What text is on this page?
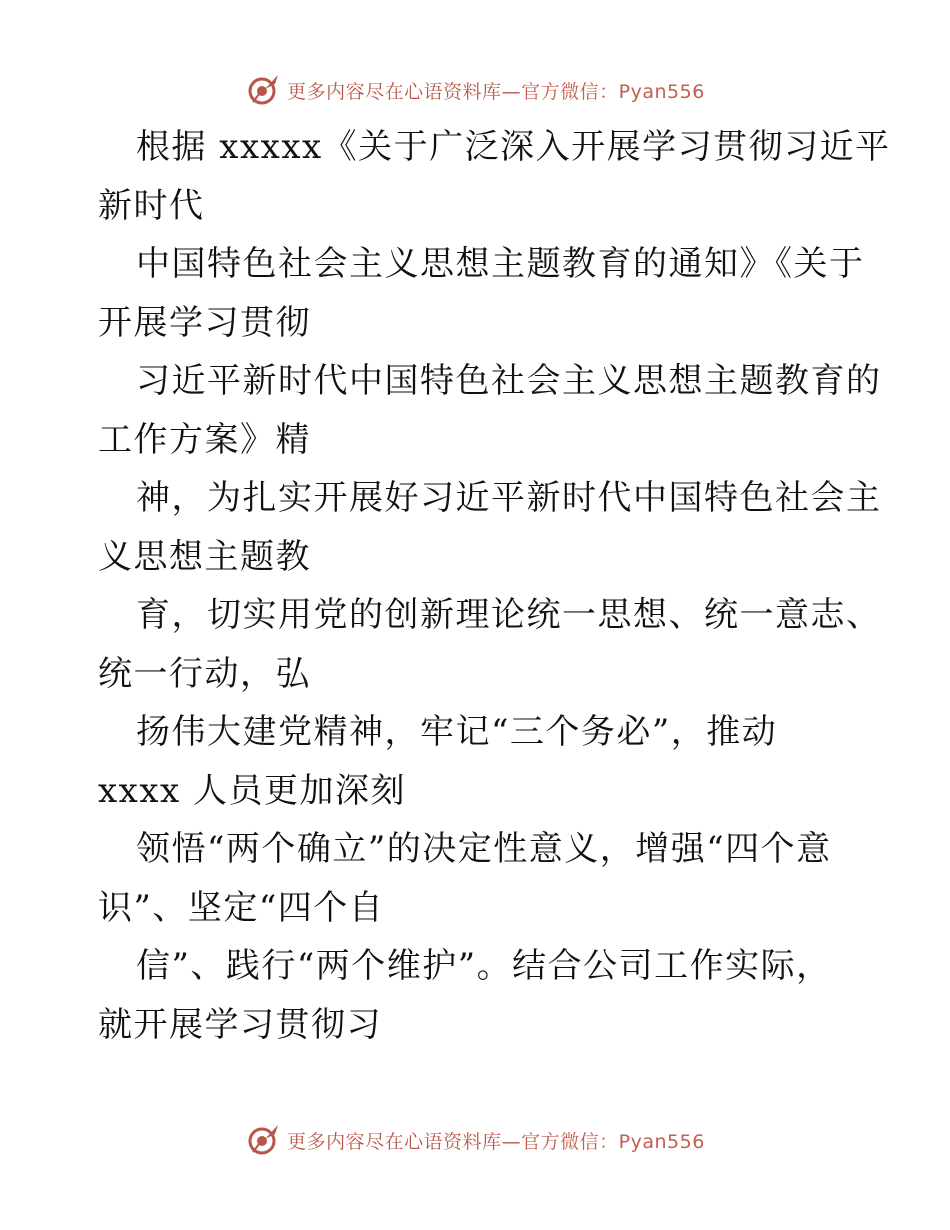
更多内容尽在心语资料库—官方微信：Pyan556
根据 xxxxx《关于广泛深入开展学习贯彻习近平
新时代
中国特色社会主义思想主题教育的通知》《关于
开展学习贯彻
习近平新时代中国特色社会主义思想主题教育的
工作方案》精
神，为扎实开展好习近平新时代中国特色社会主
义思想主题教
育，切实用党的创新理论统一思想、统一意志、
统一行动，弘
扬伟大建党精神，牢记“三个务必”，推动
xxxx 人员更加深刻
领悟“两个确立”的决定性意义，增强“四个意
识”、坚定“四个自
信”、践行“两个维护”。结合公司工作实际，
就开展学习贯彻习
更多内容尽在心语资料库—官方微信：Pyan556
